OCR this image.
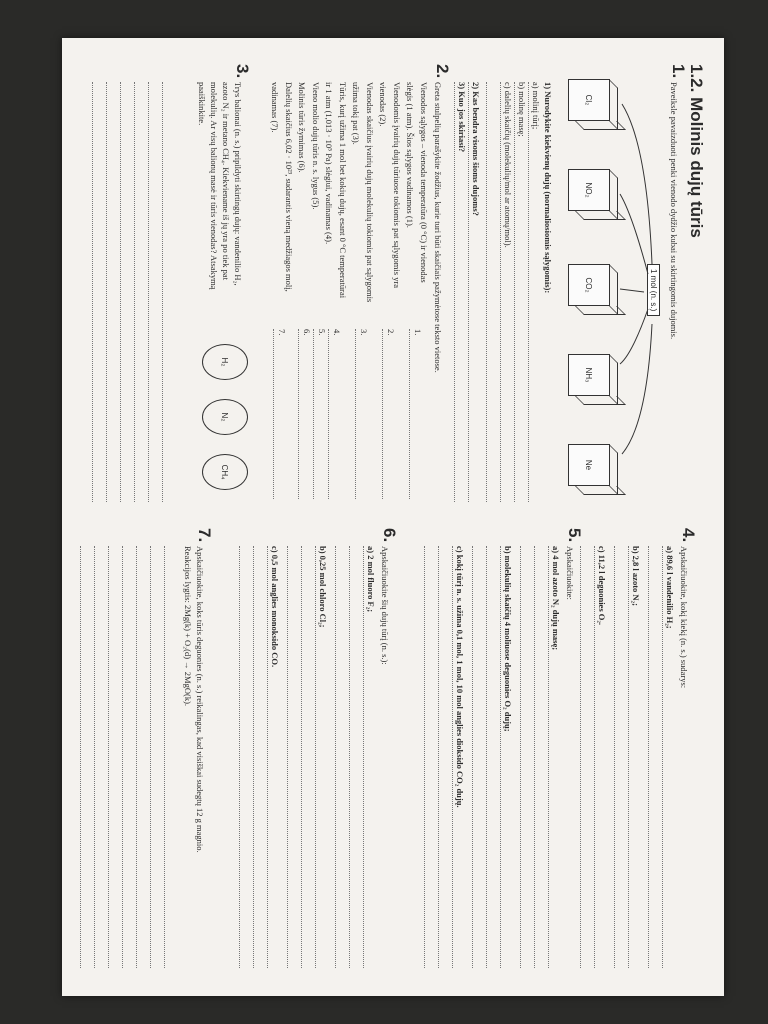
1.2. Molinis dujų tūris
1.
Paveiksle pavaizduoti penki vienodo dydžio kubai su skirtingomis dujomis.
1 mol (n. s.)
Cl₂
NO₂
CO₂
NH₃
Ne
1) Nurodykite kiekvienų dujų (normaliosiomis sąlygomis):
a) molinį tūrį;
b) molinę masę;
c) dalelių skaičių (molekulių/mol ar atomų/mol).
2) Kas bendra visoms šioms dujoms?
3) Kuo jos skiriasi?
2.
Greta stulpelių parašykite žodžius, kurie turi būti skaičiais pažymėtose teksto vietose.
Vienodos sąlygos – vienoda temperatūra (0 °C) ir vienodas
slėgis (1 atm). Šios sąlygos vadinamos (1).
Vienodomis įvairių dujų tūriuose tokiomis pat sąlygomis yra
vienodas (2).
Vienodas skaičius įvairių dujų molekulių tokiomis pat sąlygomis
užima tokį pat (3).
Tūris, kurį užima 1 mol bet kokių dujų, esant 0 °C temperatūrai
ir 1 atm (1,013 · 10⁵ Pa) slėgiui, vadinamas (4).
Vieno molio dujų tūris n. s. lygus (5).
Molinis tūris žymimas (6).
Dalelių skaičius 6,02 · 10²³, sudarantis vieną medžiagos molį,
vadinamas (7).
1.
2.
3.
4.
5.
6.
7.
3.
Trys balionai (n. s.) pripildyti skirtingų dujų: vandenilio H₂,
azoto N₂ ir metano CH₄. Kiekviename iš jų yra po tiek pat
molekulių. Ar visų balionų masė ir tūris vienodas? Atsakymą
paaiškinkite.
H₂
N₂
CH₄
4.
Apskaičiuokite, kokį kiekį (n. s.) sudarys:
a) 89,6 l vandenilio H₂;
b) 2,8 l azoto N₂;
c) 11,2 l deguonies O₂.
5.
Apskaičiuokite:
a) 4 mol azoto N₂ dujų masę;
b) molekulių skaičių 4 moliuose deguonies O₂ dujų;
c) kokį tūrį n. s. užima 0,1 mol, 1 mol, 10 mol anglies dioksido CO₂ dujų.
6.
Apskaičiuokite šių dujų tūrį (n. s.):
a) 2 mol fluoro F₂;
b) 0,25 mol chloro Cl₂;
c) 0,5 mol anglies monoksido CO.
7.
Apskaičiuokite, koks tūris deguonies (n. s.) reikalingas, kad visiškai sudegtų 12 g magnio.
Reakcijos lygtis: 2Mg(k) + O₂(d) → 2MgO(k).
